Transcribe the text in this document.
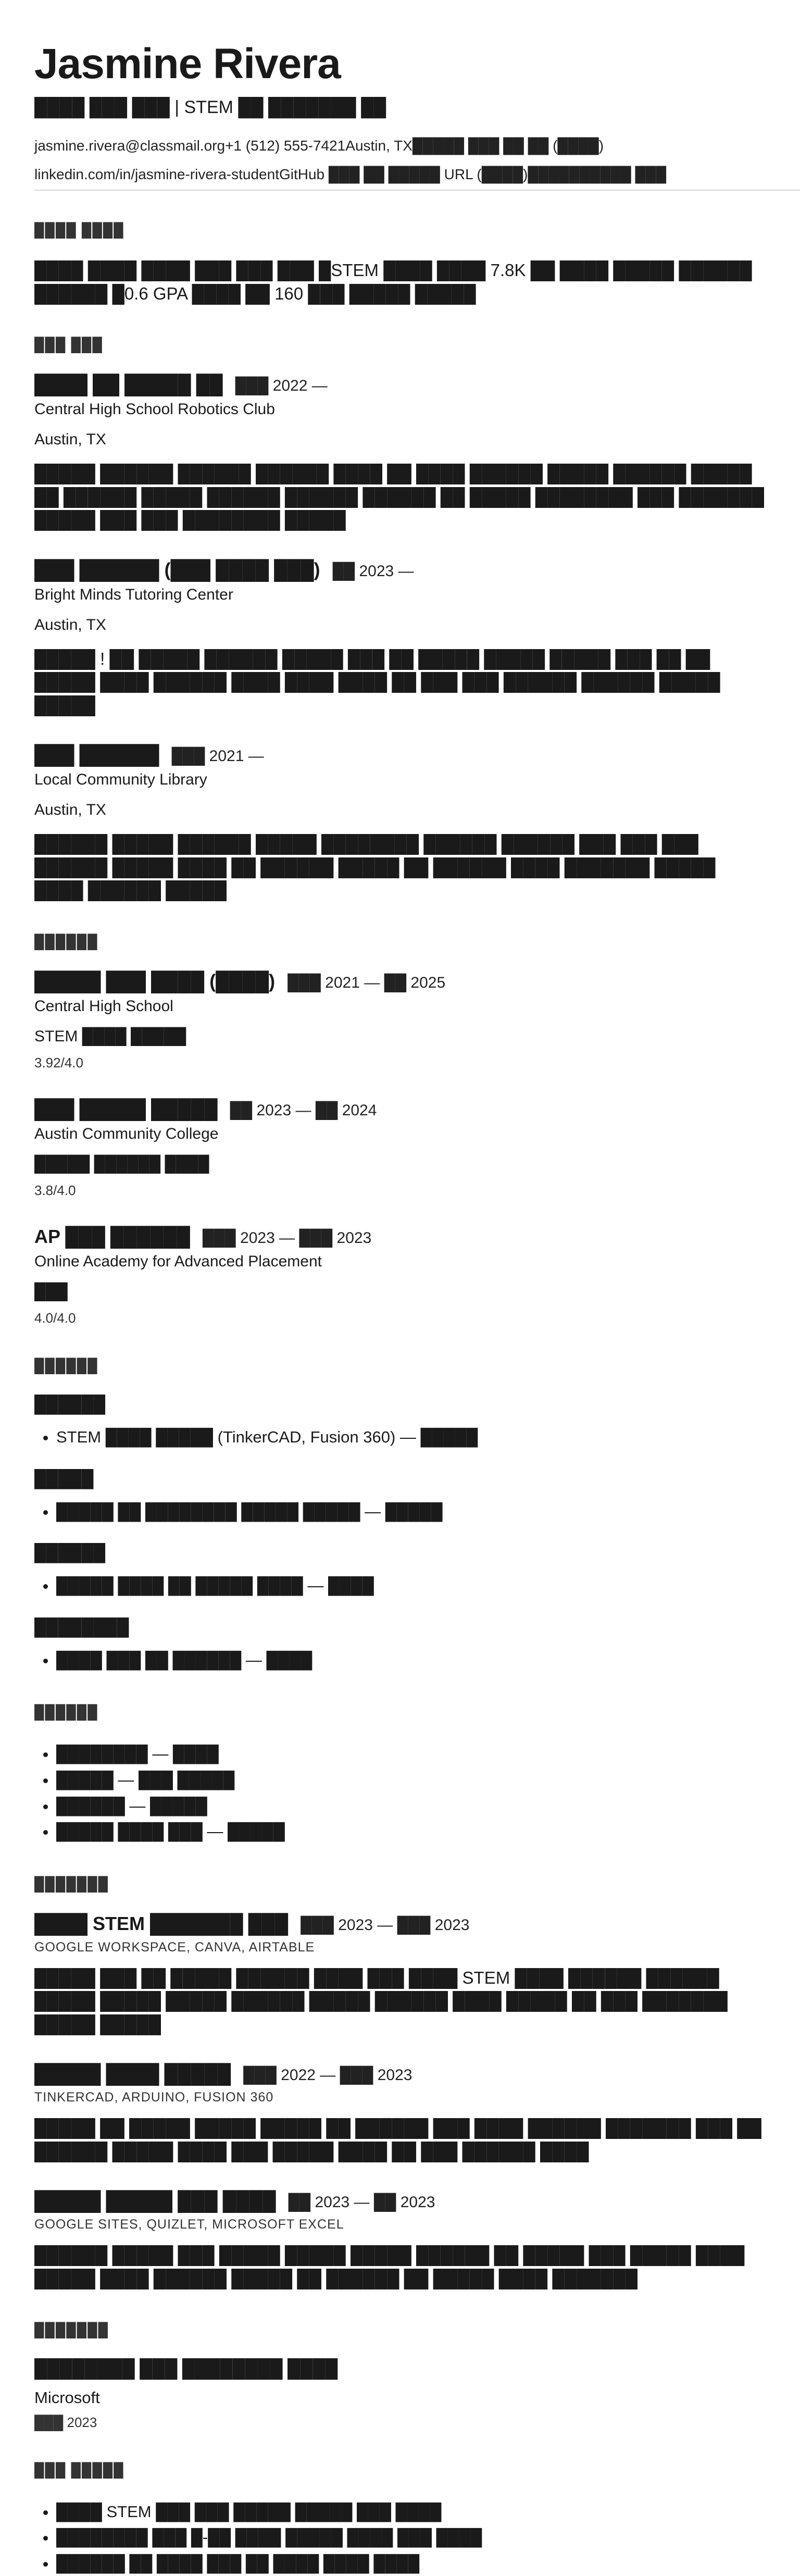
Jasmine Rivera
████ ███ ███ | STEM ██ ███████ ██
jasmine.rivera@classmail.org+1 (512) 555-7421Austin, TX█████ ███ ██ ██ (████)
linkedin.com/in/jasmine-rivera-studentGitHub ███ ██ █████ URL (████)██████████ ███
████ ████

████ ████ ████ ███ ███ ███ █STEM ████ ████ 7.8K ██ ████ █████ ██████ ██████ █0.6 GPA ████ ██ 160 ███ █████ █████

███ ███
████ ██ █████ ██ ███ 2022 —
Central High School Robotics Club
Austin, TX

█████ ██████ ██████ ██████ ████ ██ ████ ██████ █████ ██████ █████ ██ ██████ █████ ██████ ██████ ██████ ██ █████ ████████ ███ ███████ █████ ███ ███ ████████ █████

███ ██████ (███ ████ ███) ██ 2023 —
Bright Minds Tutoring Center
Austin, TX

█████ ! ██ █████ ██████ █████ ███ ██ █████ █████ █████ ███ ██ ██ █████ ████ ██████ ████ ████ ████ ██ ███ ███ ██████ ██████ █████ █████

███ ██████ ███ 2021 —
Local Community Library
Austin, TX

██████ █████ ██████ █████ ████████ ██████ ██████ ███ ███ ███ ██████ █████ ████ ██ ██████ █████ ██ ██████ ████ ███████ █████ ████ ██████ █████

██████
█████ ███ ████ (████) ███ 2021 — ██ 2025
Central High School
STEM ████ █████
3.92/4.0
███ █████ █████ ██ 2023 — ██ 2024
Austin Community College
█████ ██████ ████
3.8/4.0
AP ███ ██████ ███ 2023 — ███ 2023
Online Academy for Advanced Placement
███
4.0/4.0
██████
██████
• STEM ████ █████ (TinkerCAD, Fusion 360) — █████
█████
• █████ ██ ████████ █████ █████ — █████
██████
• █████ ████ ██ █████ ████ — ████
████████
• ████ ███ ██ ██████ — ████
██████
• ████████ — ████
• █████ — ███ █████
• ██████ — █████
• █████ ████ ███ — █████
███████
████ STEM ███████ ███ ███ 2023 — ███ 2023
GOOGLE WORKSPACE, CANVA, AIRTABLE

█████ ███ ██ █████ ██████ ████ ███ ████ STEM ████ ██████ ██████ █████ █████ █████ ██████ █████ ██████ ████ █████ ██ ███ ███████ █████ █████

█████ ████ █████ ███ 2022 — ███ 2023
TINKERCAD, ARDUINO, FUSION 360

█████ ██ █████ █████ █████ ██ ██████ ███ ████ ██████ ███████ ███ ██ ██████ █████ ████ ███ █████ ████ ██ ███ ██████ ████

█████ █████ ███ ████ ██ 2023 — ██ 2023
GOOGLE SITES, QUIZLET, MICROSOFT EXCEL

██████ █████ ███ █████ █████ █████ ██████ ██ █████ ███ █████ ████ █████ ████ ██████ █████ ██ ██████ ██ █████ ████ ███████

███████
████████ ███ ████████ ████
Microsoft
███ 2023
███ █████
• ████ STEM ███ ███ █████ █████ ███ ████
• ████████ ███ █-██ ████ █████ ████ ███ ████
• ██████ ██ ████ ███ ██ ████ ████ ████
